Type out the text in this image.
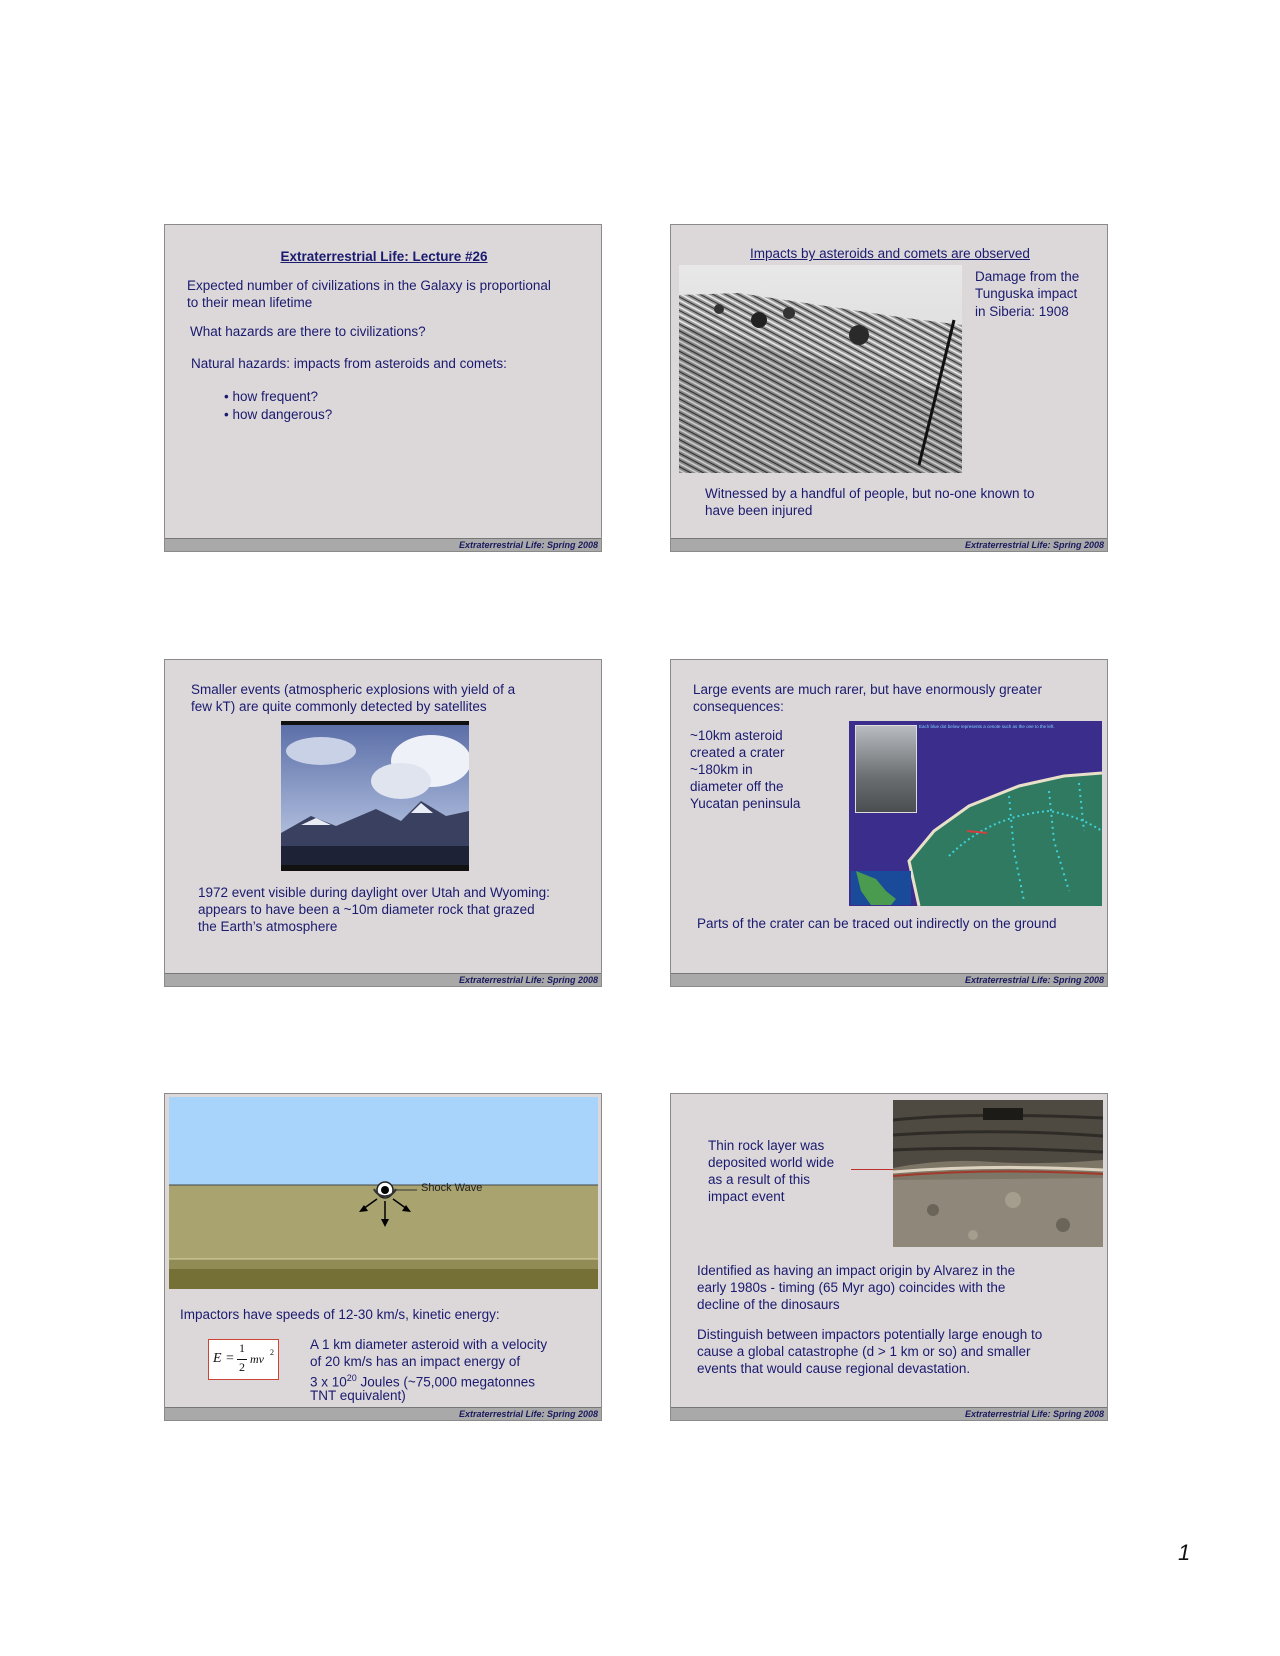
Extraterrestrial Life: Lecture #26
Expected number of civilizations in the Galaxy is proportional
to their mean lifetime
What hazards are there to civilizations?
Natural hazards: impacts from asteroids and comets:
• how frequent?
• how dangerous?
Extraterrestrial Life: Spring 2008
Impacts by asteroids and comets are observed
Damage from the
Tunguska impact
in Siberia: 1908
Witnessed by a handful of people, but no-one known to
have been injured
Extraterrestrial Life: Spring 2008
Smaller events (atmospheric explosions with yield of a
few kT) are quite commonly detected by satellites
1972 event visible during daylight over Utah and Wyoming:
appears to have been a ~10m diameter rock that grazed
the Earth’s atmosphere
Extraterrestrial Life: Spring 2008
Large events are much rarer, but have enormously greater
consequences:
~10km asteroid
created a crater
~180km in
diameter off the
Yucatan peninsula
Each blue dot below represents a cenote such as the one to the left.
Parts of the crater can be traced out indirectly on the ground
Extraterrestrial Life: Spring 2008
Shock Wave
Impactors have speeds of 12-30 km/s, kinetic energy:
E =
1
2
mv 2
A 1 km diameter asteroid with a velocity
of 20 km/s has an impact energy of
3 x $10^{20}$ Joules (~75,000 megatonnes
TNT equivalent)
Extraterrestrial Life: Spring 2008
Thin rock layer was
deposited world wide
as a result of this
impact event
Identified as having an impact origin by Alvarez in the
early 1980s - timing (65 Myr ago) coincides with the
decline of the dinosaurs
Distinguish between impactors potentially large enough to
cause a global catastrophe (d > 1 km or so) and smaller
events that would cause regional devastation.
Extraterrestrial Life: Spring 2008
1
